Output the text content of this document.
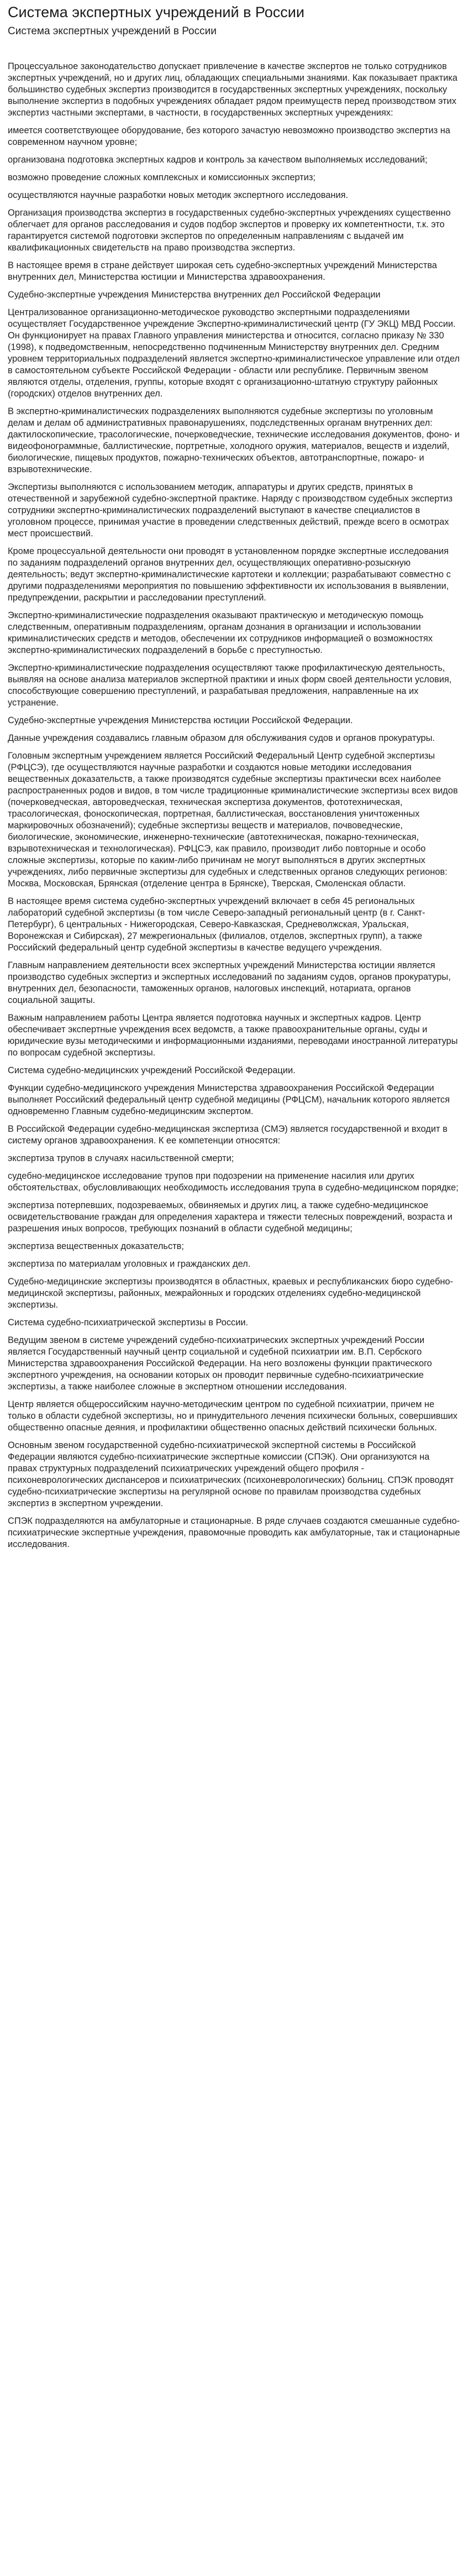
Система экспертных учреждений в России
Система экспертных учреждений в России

Процессуальное законодательство допускает привлечение в качестве экспертов не только сотрудников экспертных учреждений, но и других лиц, обладающих специальными знаниями. Как показывает практика большинство судебных экспертиз производится в государственных экспертных учреждениях, поскольку выполнение экспертиз в подобных учреждениях обладает рядом преимуществ перед производством этих экспертиз частными экспертами, в частности, в государственных экспертных учреждениях:

имеется соответствующее оборудование, без которого зачастую невозможно производство экспертиз на современном научном уровне;

организована подготовка экспертных кадров и контроль за качеством выполняемых исследований;

возможно проведение сложных комплексных и комиссионных экспертиз;

осуществляются научные разработки новых методик экспертного исследования.

Организация производства экспертиз в государственных судебно-экспертных учреждениях существенно облегчает для органов расследования и судов подбор экспертов и проверку их компетентности, т.к. это гарантируется системой подготовки экспертов по определенным направлениям с выдачей им квалификационных свидетельств на право производства экспертиз.

В настоящее время в стране действует широкая сеть судебно-экспертных учреждений Министерства внутренних дел, Министерства юстиции и Министерства здравоохранения.

Судебно-экспертные учреждения Министерства внутренних дел Российской Федерации

Централизованное организационно-методическое руководство экспертными подразделениями осуществляет Государственное учреждение Экспертно-криминалистический центр (ГУ ЭКЦ) МВД России. Он функционирует на правах Главного управления министерства и относится, согласно приказу № 330 (1998), к подведомственным, непосредственно подчиненным Министерству внутренних дел. Средним уровнем территориальных подразделений является экспертно-криминалистическое управление или отдел в самостоятельном субъекте Российской Федерации - области или республике. Первичным звеном являются отделы, отделения, группы, которые входят с организационно-штатную структуру районных (городских) отделов внутренних дел.

В экспертно-криминалистических подразделениях выполняются судебные экспертизы по уголовным делам и делам об административных правонарушениях, подследственных органам внутренних дел: дактилоскопические, трасологические, почерковедческие, технические исследования документов, фоно- и видеофонограммные, баллистические, портретные, холодного оружия, материалов, веществ и изделий, биологические, пищевых продуктов, пожарно-технических объектов, автотранспортные, пожаро- и взрывотехнические.

Экспертизы выполняются с использованием методик, аппаратуры и других средств, принятых в отечественной и зарубежной судебно-экспертной практике. Наряду с производством судебных экспертиз сотрудники экспертно-криминалистических подразделений выступают в качестве специалистов в уголовном процессе, принимая участие в проведении следственных действий, прежде всего в осмотрах мест происшествий.

Кроме процессуальной деятельности они проводят в установленном порядке экспертные исследования по заданиям подразделений органов внутренних дел, осуществляющих оперативно-розыскную деятельность; ведут экспертно-криминалистические картотеки и коллекции; разрабатывают совместно с другими подразделениями мероприятия по повышению эффективности их использования в выявлении, предупреждении, раскрытии и расследовании преступлений.

Экспертно-криминалистические подразделения оказывают практическую и методическую помощь следственным, оперативным подразделениям, органам дознания в организации и использовании криминалистических средств и методов, обеспечении их сотрудников информацией о возможностях экспертно-криминалистических подразделений в борьбе с преступностью.

Экспертно-криминалистические подразделения осуществляют также профилактическую деятельность, выявляя на основе анализа материалов экспертной практики и иных форм своей деятельности условия, способствующие совершению преступлений, и разрабатывая предложения, направленные на их устранение.

Судебно-экспертные учреждения Министерства юстиции Российской Федерации.

Данные учреждения создавались главным образом для обслуживания судов и органов прокуратуры.

Головным экспертным учреждением является Российский Федеральный Центр судебной экспертизы (РФЦСЭ), где осуществляются научные разработки и создаются новые методики исследования вещественных доказательств, а также производятся судебные экспертизы практически всех наиболее распространенных родов и видов, в том числе традиционные криминалистические экспертизы всех видов (почерковедческая, автороведческая, техническая экспертиза документов, фототехническая, трасологическая, фоноскопическая, портретная, баллистическая, восстановления уничтоженных маркировочных обозначений); судебные экспертизы веществ и материалов, почвоведческие, биологические, экономические, инженерно-технические (автотехническая, пожарно-техническая, взрывотехническая и технологическая). РФЦСЭ, как правило, производит либо повторные и особо сложные экспертизы, которые по каким-либо причинам не могут выполняться в других экспертных учреждениях, либо первичные экспертизы для судебных и следственных органов следующих регионов: Москва, Московская, Брянская (отделение центра в Брянске), Тверская, Смоленская области.

В настоящее время система судебно-экспертных учреждений включает в себя 45 региональных лабораторий судебной экспертизы (в том числе Северо-западный региональный центр (в г. Санкт-Петербург), 6 центральных - Нижегородская, Северо-Кавказская, Средневолжская, Уральская, Воронежская и Сибирская), 27 межрегиональных (филиалов, отделов, экспертных групп), а также Российский федеральный центр судебной экспертизы в качестве ведущего учреждения.

Главным направлением деятельности всех экспертных учреждений Министерства юстиции является производство судебных экспертиз и экспертных исследований по заданиям судов, органов прокуратуры, внутренних дел, безопасности, таможенных органов, налоговых инспекций, нотариата, органов социальной защиты.

Важным направлением работы Центра является подготовка научных и экспертных кадров. Центр обеспечивает экспертные учреждения всех ведомств, а также правоохранительные органы, суды и юридические вузы методическими и информационными изданиями, переводами иностранной литературы по вопросам судебной экспертизы.

Система судебно-медицинских учреждений Российской Федерации.

Функции судебно-медицинского учреждения Министерства здравоохранения Российской Федерации выполняет Российский федеральный центр судебной медицины (РФЦСМ), начальник которого является одновременно Главным судебно-медицинским экспертом.

В Российской Федерации судебно-медицинская экспертиза (СМЭ) является государственной и входит в систему органов здравоохранения. К ее компетенции относятся:

экспертиза трупов в случаях насильственной смерти;

судебно-медицинское исследование трупов при подозрении на применение насилия или других обстоятельствах, обусловливающих необходимость исследования трупа в судебно-медицинском порядке;

экспертиза потерпевших, подозреваемых, обвиняемых и других лиц, а также судебно-медицинское освидетельствование граждан для определения характера и тяжести телесных повреждений, возраста и разрешения иных вопросов, требующих познаний в области судебной медицины;

экспертиза вещественных доказательств;

экспертиза по материалам уголовных и гражданских дел.

Судебно-медицинские экспертизы производятся в областных, краевых и республиканских бюро судебно-медицинской экспертизы, районных, межрайонных и городских отделениях судебно-медицинской экспертизы.

Система судебно-психиатрической экспертизы в России.

Ведущим звеном в системе учреждений судебно-психиатрических экспертных учреждений России является Государственный научный центр социальной и судебной психиатрии им. В.П. Сербского Министерства здравоохранения Российской Федерации. На него возложены функции практического экспертного учреждения, на основании которых он проводит первичные судебно-психиатрические экспертизы, а также наиболее сложные в экспертном отношении исследования.

Центр является общероссийским научно-методическим центром по судебной психиатрии, причем не только в области судебной экспертизы, но и принудительного лечения психически больных, совершивших общественно опасные деяния, и профилактики общественно опасных действий психически больных.

Основным звеном государственной судебно-психиатрической экспертной системы в Российской Федерации являются судебно-психиатрические экспертные комиссии (СПЭК). Они организуются на правах структурных подразделений психиатрических учреждений общего профиля - психоневрологических диспансеров и психиатрических (психоневрологических) больниц. СПЭК проводят судебно-психиатрические экспертизы на регулярной основе по правилам производства судебных экспертиз в экспертном учреждении.

СПЭК подразделяются на амбулаторные и стационарные. В ряде случаев создаются смешанные судебно-психиатрические экспертные учреждения, правомочные проводить как амбулаторные, так и стационарные исследования.
